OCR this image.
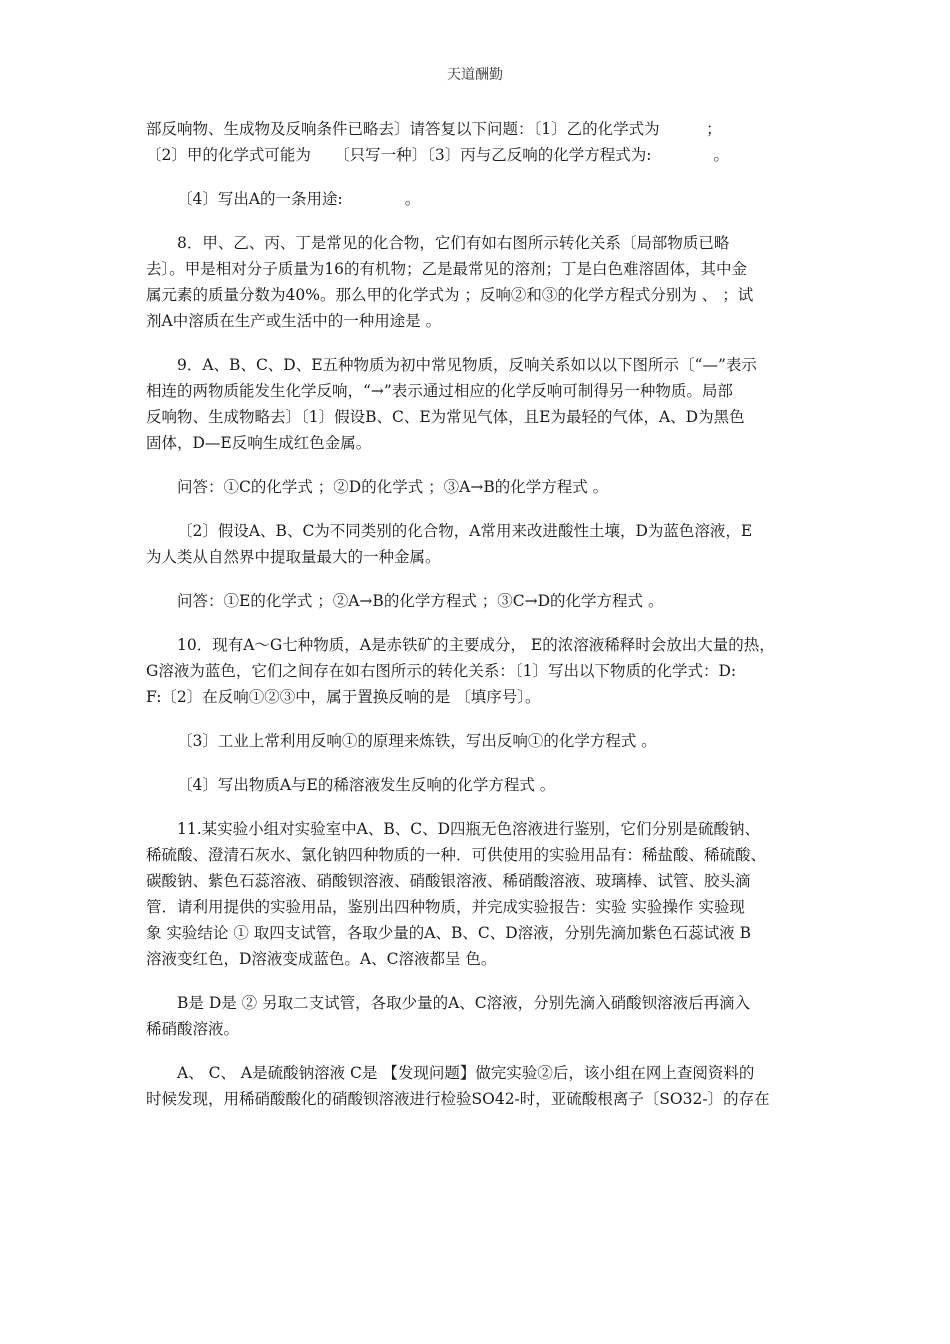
天道酬勤
部反响物、生成物及反响条件已略去〕请答复以下问题：〔1〕乙的化学式为　　　；
〔2〕甲的化学式可能为　　〔只写一种〕〔3〕丙与乙反响的化学方程式为:　　　　。
〔4〕写出A的一条用途:　　　　。
8．甲、乙、丙、丁是常见的化合物，它们有如右图所示转化关系〔局部物质已略
去〕。甲是相对分子质量为16的有机物；乙是最常见的溶剂；丁是白色难溶固体，其中金
属元素的质量分数为40%。那么甲的化学式为 ；反响②和③的化学方程式分别为 、 ；试
剂A中溶质在生产或生活中的一种用途是 。
9．A、B、C、D、E五种物质为初中常见物质，反响关系如以以下图所示〔“—”表示
相连的两物质能发生化学反响，“→”表示通过相应的化学反响可制得另一种物质。局部
反响物、生成物略去〕〔1〕假设B、C、E为常见气体，且E为最轻的气体，A、D为黑色
固体，D—E反响生成红色金属。
问答：①C的化学式 ；②D的化学式 ；③A→B的化学方程式 。
〔2〕假设A、B、C为不同类别的化合物，A常用来改进酸性土壤，D为蓝色溶液，E
为人类从自然界中提取量最大的一种金属。
问答：①E的化学式 ；②A→B的化学方程式 ；③C→D的化学方程式 。
10．现有A～G七种物质，A是赤铁矿的主要成分， E的浓溶液稀释时会放出大量的热，
G溶液为蓝色，它们之间存在如右图所示的转化关系：〔1〕写出以下物质的化学式：D:
F:〔2〕在反响①②③中，属于置换反响的是 〔填序号〕。
〔3〕工业上常利用反响①的原理来炼铁，写出反响①的化学方程式 。
〔4〕写出物质A与E的稀溶液发生反响的化学方程式 。
11.某实验小组对实验室中A、B、C、D四瓶无色溶液进行鉴别，它们分别是硫酸钠、
稀硫酸、澄清石灰水、氯化钠四种物质的一种．可供使用的实验用品有：稀盐酸、稀硫酸、
碳酸钠、紫色石蕊溶液、硝酸钡溶液、硝酸银溶液、稀硝酸溶液、玻璃棒、试管、胶头滴
管．请利用提供的实验用品，鉴别出四种物质，并完成实验报告：实验 实验操作 实验现
象 实验结论 ① 取四支试管，各取少量的A、B、C、D溶液，分别先滴加紫色石蕊试液 B
溶液变红色，D溶液变成蓝色。A、C溶液都呈 色。
B是 D是 ② 另取二支试管，各取少量的A、C溶液，分别先滴入硝酸钡溶液后再滴入
稀硝酸溶液。
A、 C、 A是硫酸钠溶液 C是 【发现问题】做完实验②后，该小组在网上查阅资料的
时候发现，用稀硝酸酸化的硝酸钡溶液进行检验SO42-时，亚硫酸根离子〔SO32-〕的存在
